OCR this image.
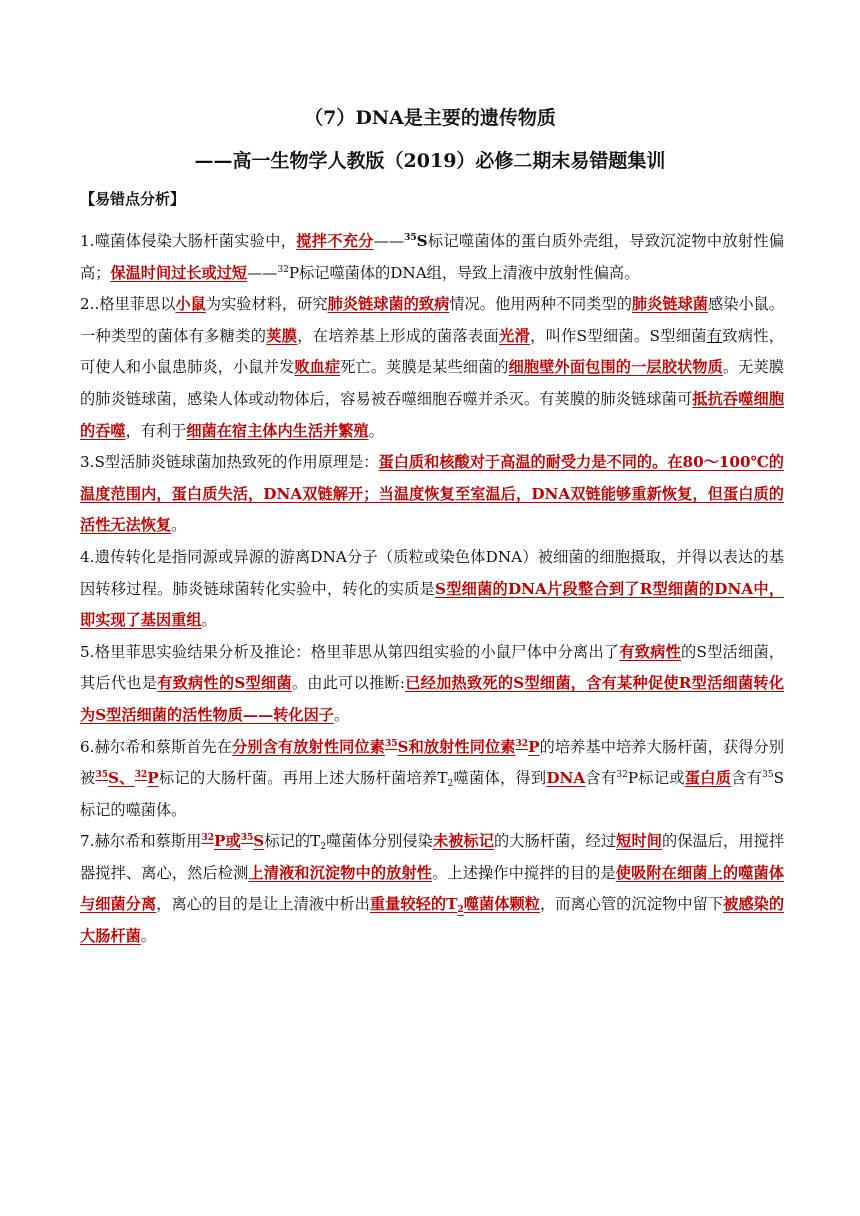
（7）DNA是主要的遗传物质
——高一生物学人教版（2019）必修二期末易错题集训
【易错点分析】

1.噬菌体侵染大肠杆菌实验中，搅拌不充分——$^{35}$S标记噬菌体的蛋白质外壳组，导致沉淀物中放射性偏高；保温时间过长或过短——$^{32}$P标记噬菌体的DNA组，导致上清液中放射性偏高。

2..格里菲思以小鼠为实验材料，研究肺炎链球菌的致病情况。他用两种不同类型的肺炎链球菌感染小鼠。一种类型的菌体有多糖类的荚膜，在培养基上形成的菌落表面光滑，叫作S型细菌。S型细菌有致病性，可使人和小鼠患肺炎，小鼠并发败血症死亡。荚膜是某些细菌的细胞壁外面包围的一层胶状物质。无荚膜的肺炎链球菌，感染人体或动物体后，容易被吞噬细胞吞噬并杀灭。有荚膜的肺炎链球菌可抵抗吞噬细胞的吞噬，有利于细菌在宿主体内生活并繁殖。

3.S型活肺炎链球菌加热致死的作用原理是：蛋白质和核酸对于高温的耐受力是不同的。在80～100℃的温度范围内，蛋白质失活，DNA双链解开；当温度恢复至室温后，DNA双链能够重新恢复，但蛋白质的活性无法恢复。

4.遗传转化是指同源或异源的游离DNA分子（质粒或染色体DNA）被细菌的细胞摄取，并得以表达的基因转移过程。肺炎链球菌转化实验中，转化的实质是S型细菌的DNA片段整合到了R型细菌的DNA中，即实现了基因重组。

5.格里菲思实验结果分析及推论：格里菲思从第四组实验的小鼠尸体中分离出了有致病性的S型活细菌，其后代也是有致病性的S型细菌。由此可以推断:已经加热致死的S型细菌，含有某种促使R型活细菌转化为S型活细菌的活性物质——转化因子。

6.赫尔希和蔡斯首先在分别含有放射性同位素$^{35}$S和放射性同位素$^{32}$P的培养基中培养大肠杆菌，获得分别被$^{35}$S、$^{32}$P标记的大肠杆菌。再用上述大肠杆菌培养$T_2$噬菌体，得到DNA含有$^{32}$P标记或蛋白质含有$^{35}$S标记的噬菌体。

7.赫尔希和蔡斯用$^{32}$P或$^{35}$S标记的$T_2$噬菌体分别侵染未被标记的大肠杆菌，经过短时间的保温后，用搅拌器搅拌、离心，然后检测上清液和沉淀物中的放射性。上述操作中搅拌的目的是使吸附在细菌上的噬菌体与细菌分离，离心的目的是让上清液中析出重量较轻的$T_2$噬菌体颗粒，而离心管的沉淀物中留下被感染的大肠杆菌。
